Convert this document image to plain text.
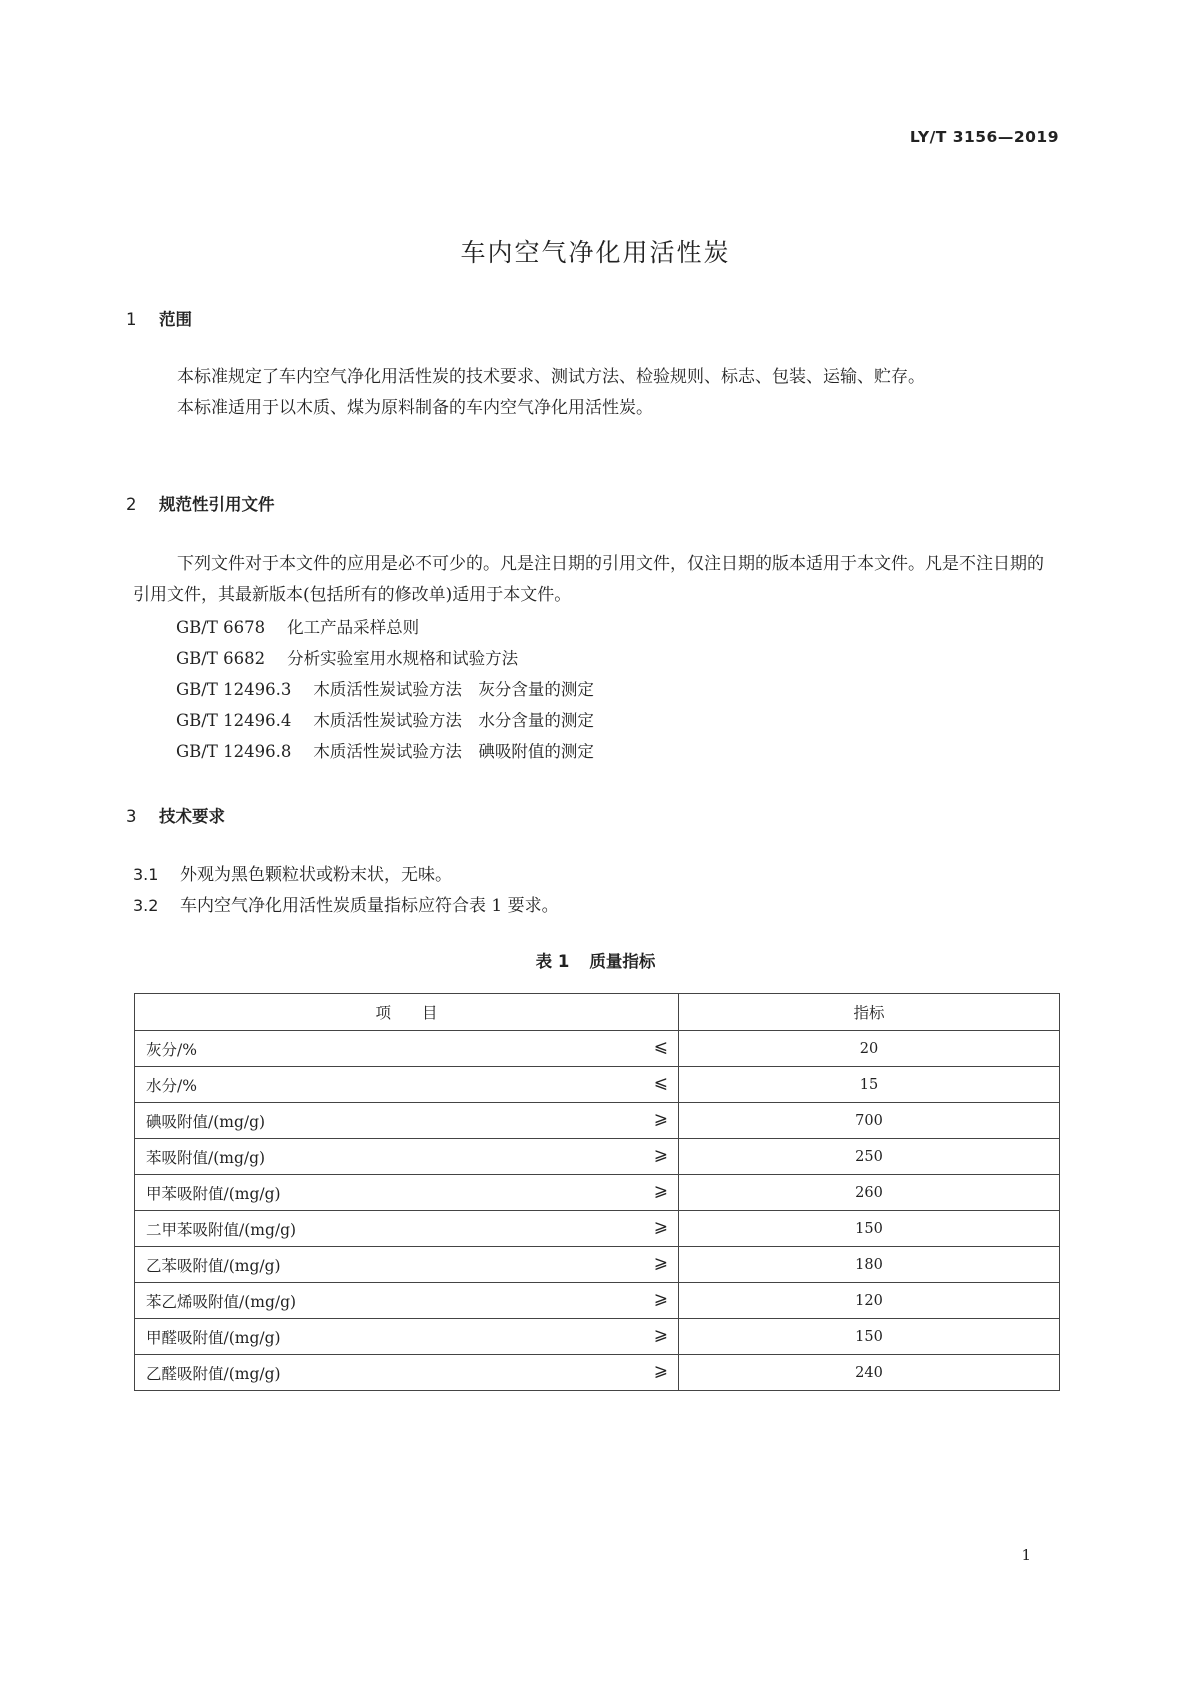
LY/T 3156—2019
车内空气净化用活性炭
1 范围
本标准规定了车内空气净化用活性炭的技术要求、测试方法、检验规则、标志、包装、运输、贮存。
本标准适用于以木质、煤为原料制备的车内空气净化用活性炭。
2 规范性引用文件
下列文件对于本文件的应用是必不可少的。凡是注日期的引用文件，仅注日期的版本适用于本文件。凡是不注日期的引用文件，其最新版本(包括所有的修改单)适用于本文件。
GB/T 6678 化工产品采样总则
GB/T 6682 分析实验室用水规格和试验方法
GB/T 12496.3 木质活性炭试验方法　灰分含量的测定
GB/T 12496.4 木质活性炭试验方法　水分含量的测定
GB/T 12496.8 木质活性炭试验方法　碘吸附值的测定
3 技术要求
3.1 外观为黑色颗粒状或粉末状，无味。
3.2 车内空气净化用活性炭质量指标应符合表 1 要求。
表 1 质量指标
项　　目	指标
灰分/% ⩽	20
水分/% ⩽	15
碘吸附值/(mg/g) ⩾	700
苯吸附值/(mg/g) ⩾	250
甲苯吸附值/(mg/g) ⩾	260
二甲苯吸附值/(mg/g) ⩾	150
乙苯吸附值/(mg/g) ⩾	180
苯乙烯吸附值/(mg/g) ⩾	120
甲醛吸附值/(mg/g) ⩾	150
乙醛吸附值/(mg/g) ⩾	240
1
